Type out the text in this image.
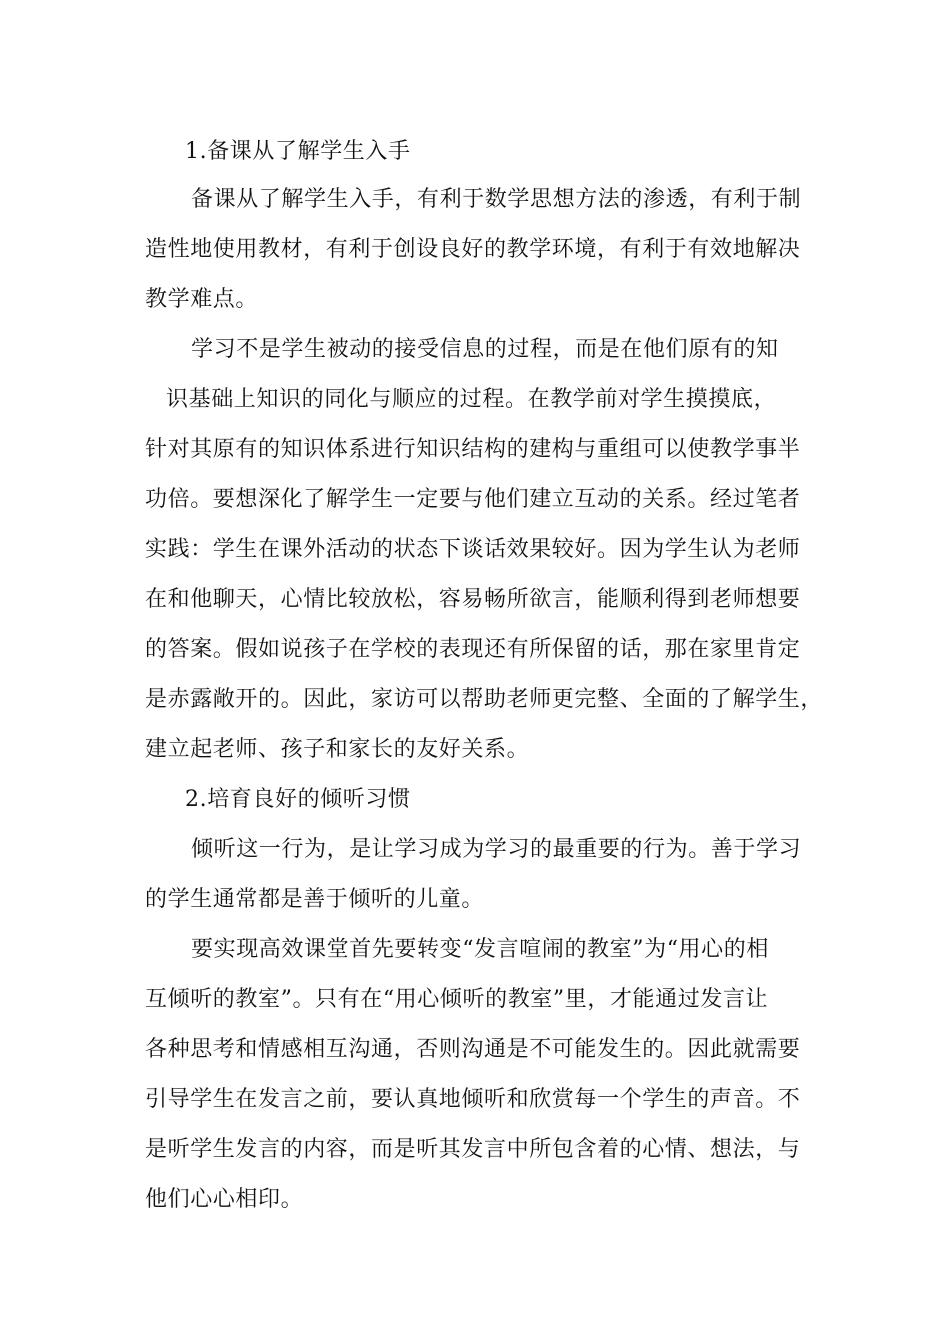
1.备课从了解学生入手
备课从了解学生入手，有利于数学思想方法的渗透，有利于制
造性地使用教材，有利于创设良好的教学环境，有利于有效地解决
教学难点。
学习不是学生被动的接受信息的过程，而是在他们原有的知
识基础上知识的同化与顺应的过程。在教学前对学生摸摸底，
针对其原有的知识体系进行知识结构的建构与重组可以使教学事半
功倍。要想深化了解学生一定要与他们建立互动的关系。经过笔者
实践：学生在课外活动的状态下谈话效果较好。因为学生认为老师
在和他聊天，心情比较放松，容易畅所欲言，能顺利得到老师想要
的答案。假如说孩子在学校的表现还有所保留的话，那在家里肯定
是赤露敞开的。因此，家访可以帮助老师更完整、全面的了解学生，
建立起老师、孩子和家长的友好关系。
2.培育良好的倾听习惯
倾听这一行为，是让学习成为学习的最重要的行为。善于学习
的学生通常都是善于倾听的儿童。
要实现高效课堂首先要转变“发言喧闹的教室”为“用心的相
互倾听的教室”。只有在“用心倾听的教室”里，才能通过发言让
各种思考和情感相互沟通，否则沟通是不可能发生的。因此就需要
引导学生在发言之前，要认真地倾听和欣赏每一个学生的声音。不
是听学生发言的内容，而是听其发言中所包含着的心情、想法，与
他们心心相印。
